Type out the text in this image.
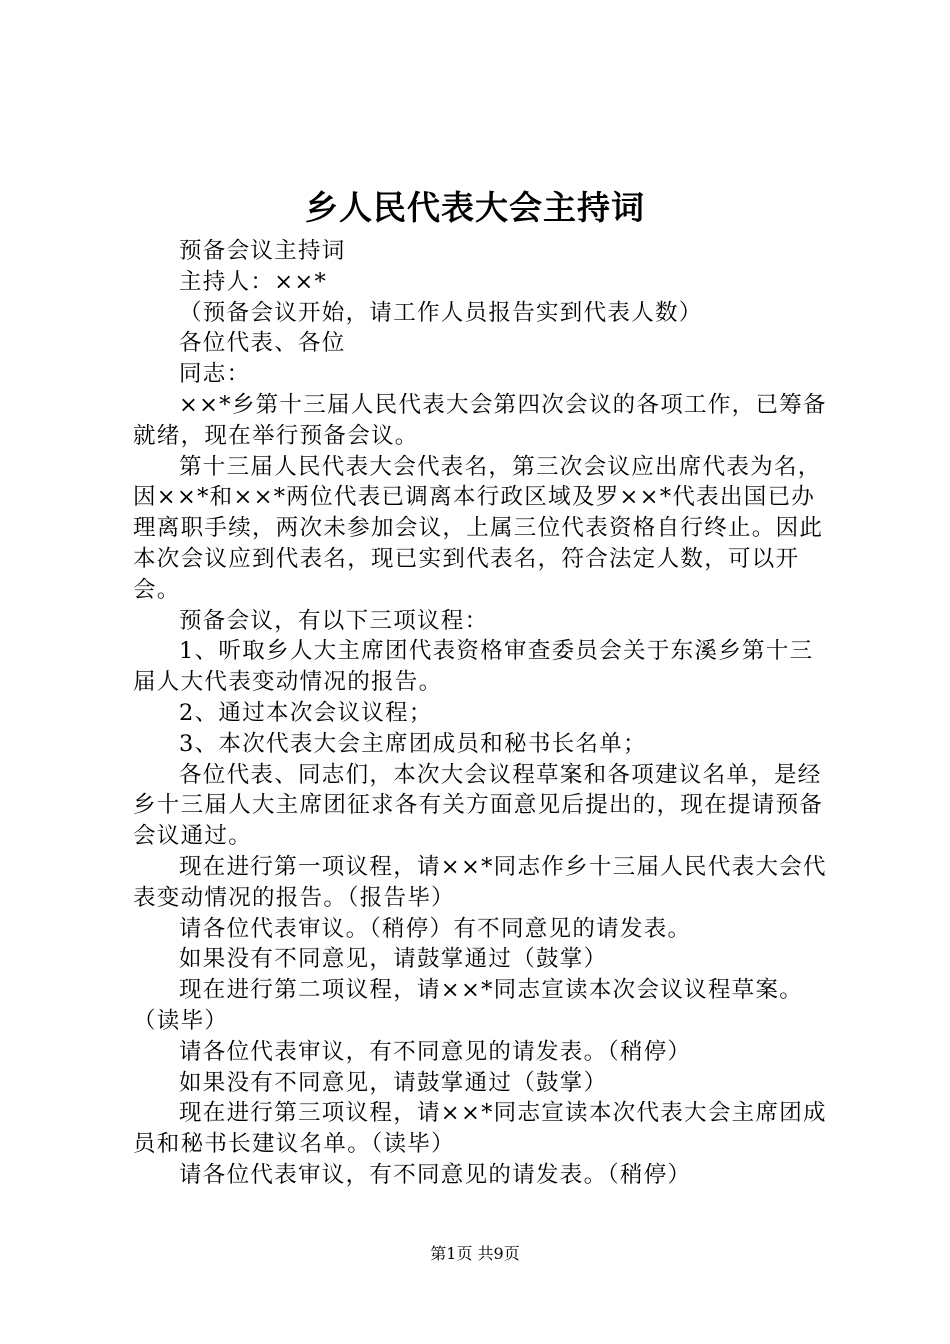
乡人民代表大会主持词

预备会议主持词

主持人：××*

（预备会议开始，请工作人员报告实到代表人数）

各位代表、各位

同志：

××*乡第十三届人民代表大会第四次会议的各项工作，已筹备就绪，现在举行预备会议。

第十三届人民代表大会代表名，第三次会议应出席代表为名，因××*和××*两位代表已调离本行政区域及罗××*代表出国已办理离职手续，两次未参加会议，上属三位代表资格自行终止。因此本次会议应到代表名，现已实到代表名，符合法定人数，可以开会。

预备会议，有以下三项议程：

1、听取乡人大主席团代表资格审查委员会关于东溪乡第十三届人大代表变动情况的报告。

2、通过本次会议议程；

3、本次代表大会主席团成员和秘书长名单；

各位代表、同志们，本次大会议程草案和各项建议名单，是经乡十三届人大主席团征求各有关方面意见后提出的，现在提请预备会议通过。

现在进行第一项议程，请××*同志作乡十三届人民代表大会代表变动情况的报告。（报告毕）

请各位代表审议。（稍停）有不同意见的请发表。

如果没有不同意见，请鼓掌通过（鼓掌）

现在进行第二项议程，请××*同志宣读本次会议议程草案。（读毕）

请各位代表审议，有不同意见的请发表。（稍停）

如果没有不同意见，请鼓掌通过（鼓掌）

现在进行第三项议程，请××*同志宣读本次代表大会主席团成员和秘书长建议名单。（读毕）

请各位代表审议，有不同意见的请发表。（稍停）

第1页 共9页
